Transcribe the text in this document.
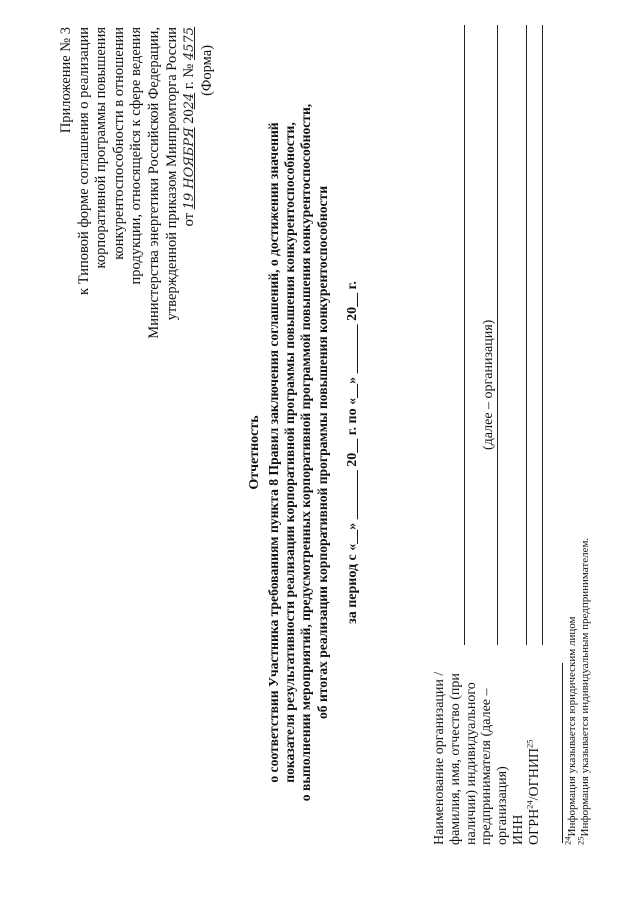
Приложение № 3 к Типовой форме соглашения о реализации корпоративной программы повышения конкурентоспособности в отношении продукции, относящейся к сфере ведения Министерства энергетики Российской Федерации, утвержденной приказом Минпромторга России от 19 НОЯБРЯ 2024 г. № 4575
(Форма)
Отчетность о соответствии Участника требованиям пункта 8 Правил заключения соглашений, о достижении значений показателя результативности реализации корпоративной программы повышения конкурентоспособности, о выполнении мероприятий, предусмотренных корпоративной программой повышения конкурентоспособности, об итогах реализации корпоративной программы повышения конкурентоспособности за период с «__» _______ 20__ г. по «__» _______ 20__ г.
Наименование организации / фамилия, имя, отчество (при наличии) индивидуального предпринимателя (далее – организация) ИНН ОГРН$^{24}$/ОГНИП$^{25}$
(далее – организация)
$^{24}$Информация указывается юридическим лицом
$^{25}$Информация указывается индивидуальным предпринимателем.
